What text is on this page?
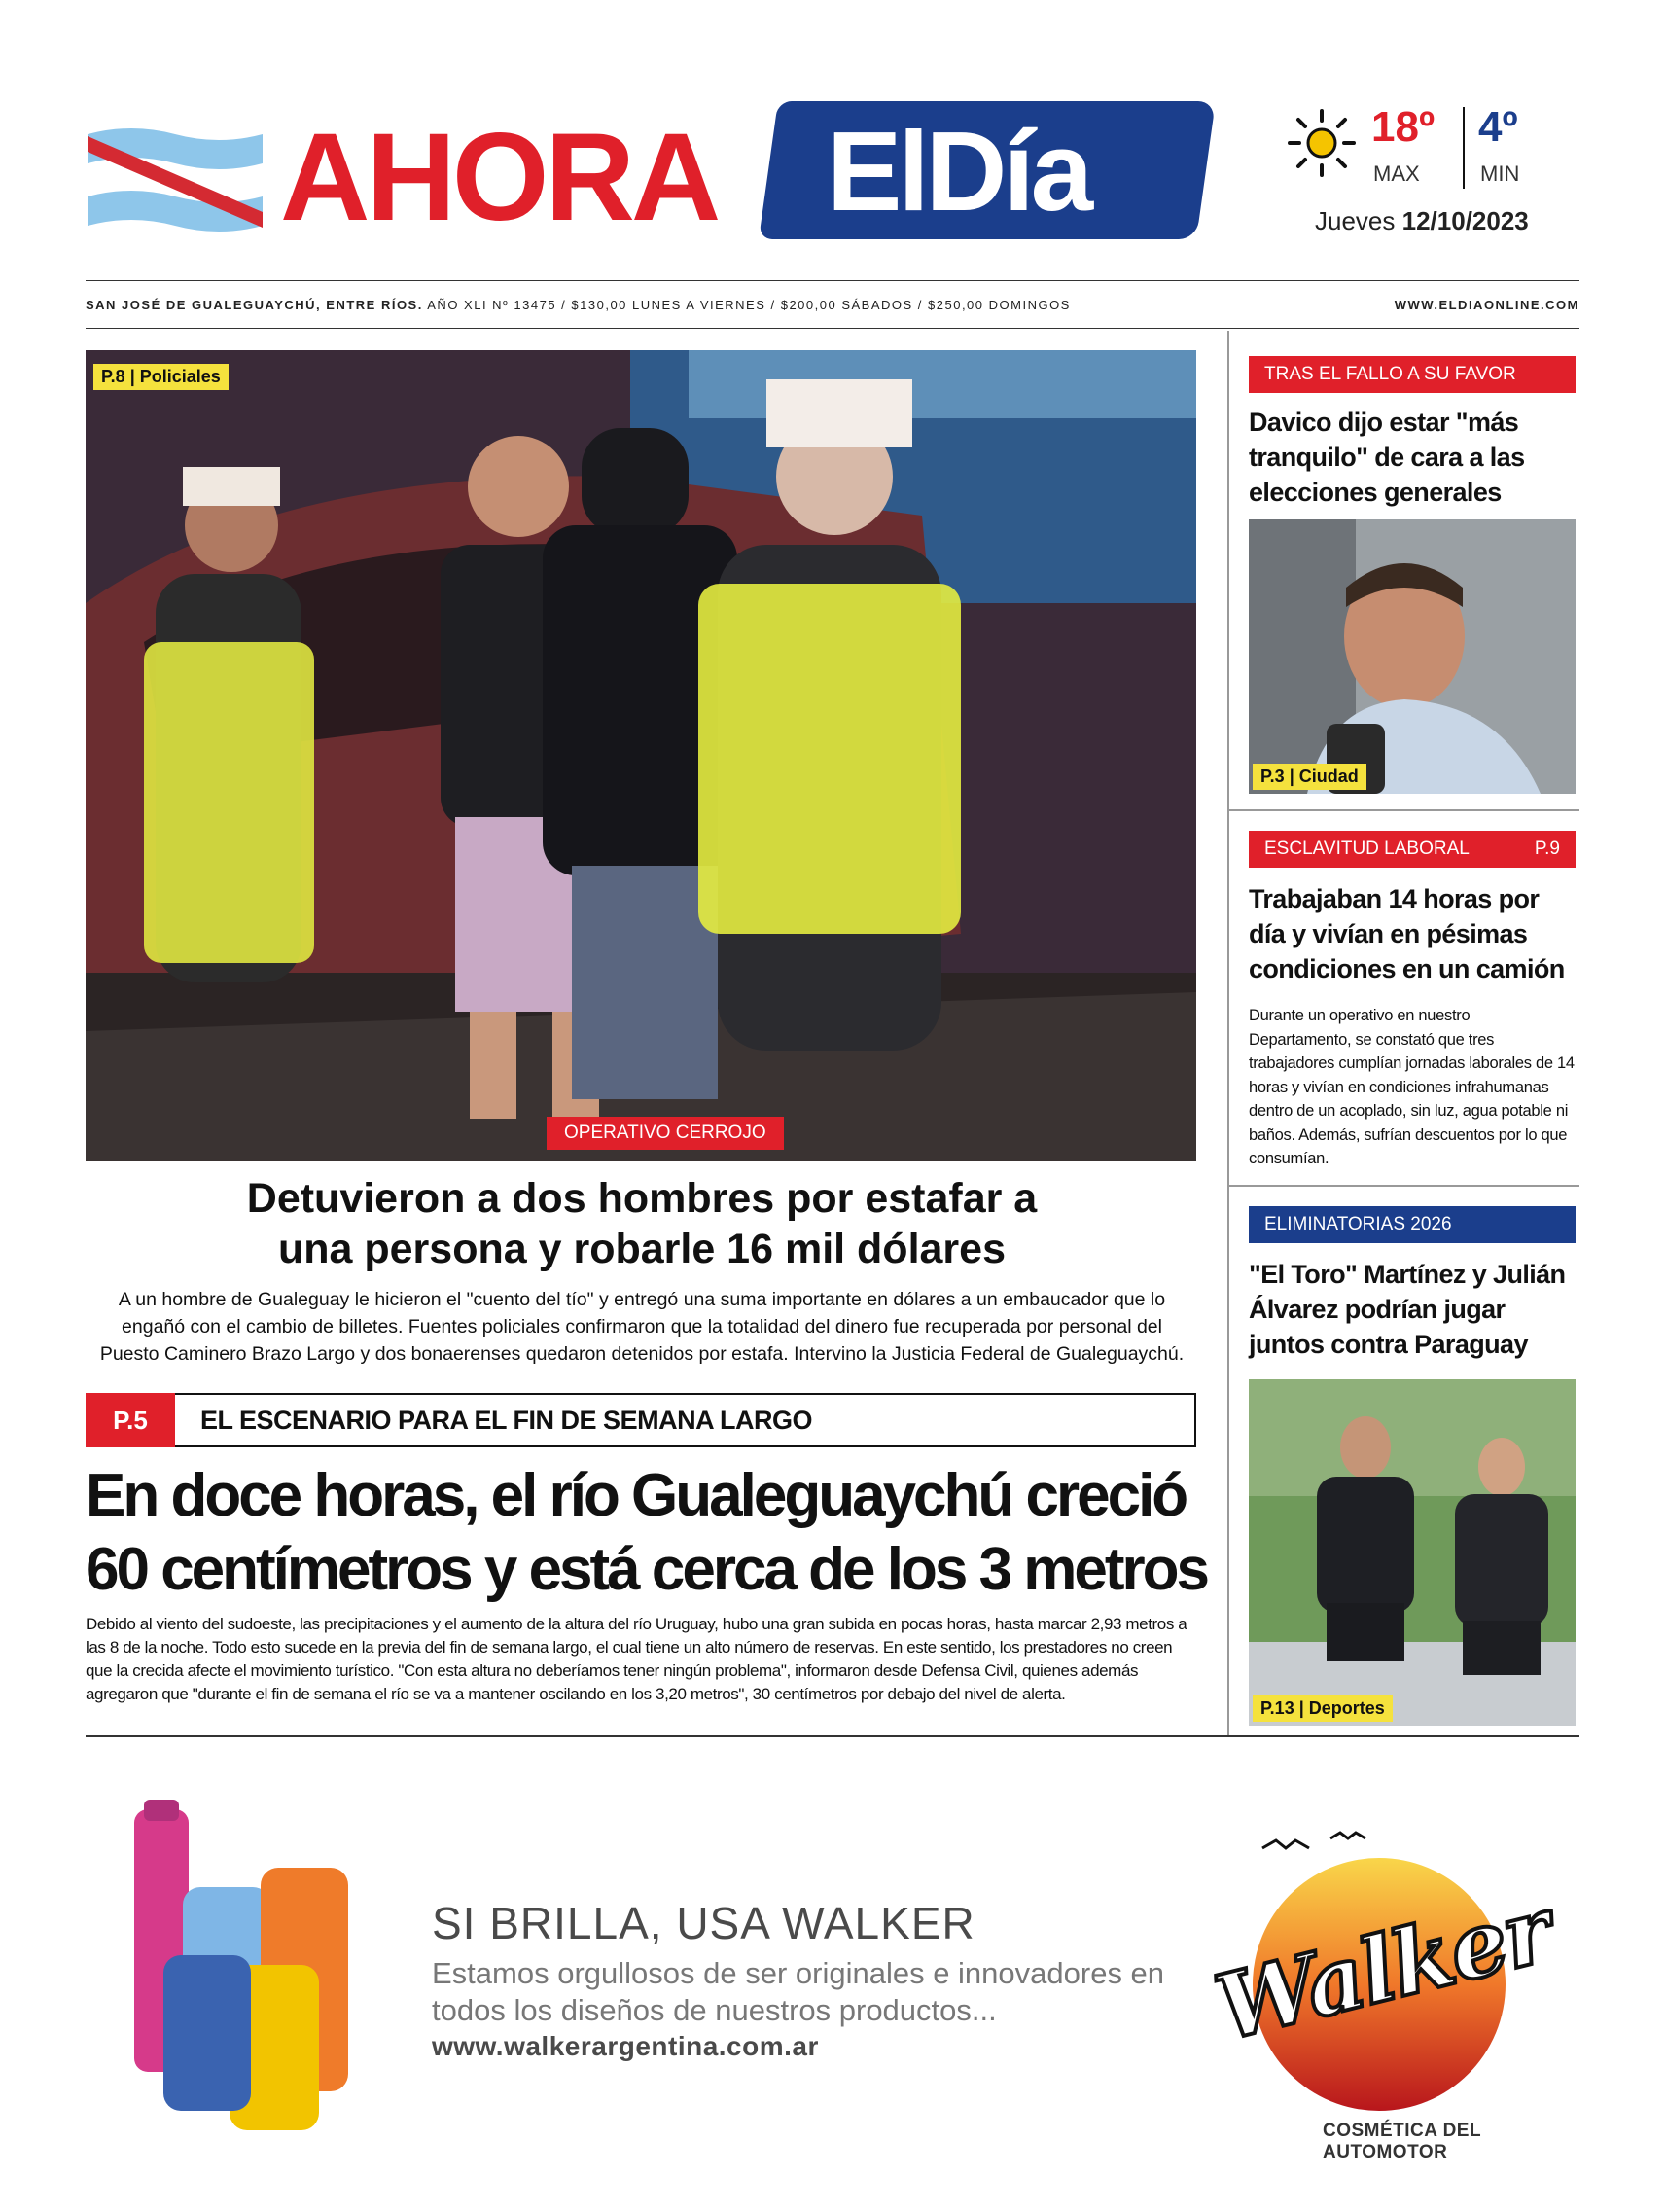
AHORA ElDía	18º 4º
MAX	MIN
Jueves 12/10/2023
SAN JOSÉ DE GUALEGUAYCHÚ, ENTRE RÍOS. AÑO XLI Nº 13475 / $130,00 LUNES A VIERNES / $200,00 SÁBADOS / $250,00 DOMINGOS	WWW.ELDIAONLINE.COM
P.8 | Policiales
OPERATIVO CERROJO
Detuvieron a dos hombres por estafar a
una persona y robarle 16 mil dólares
A un hombre de Gualeguay le hicieron el "cuento del tío" y entregó una suma importante en dólares a un embaucador que lo engañó con el cambio de billetes. Fuentes policiales confirmaron que la totalidad del dinero fue recuperada por personal del Puesto Caminero Brazo Largo y dos bonaerenses quedaron detenidos por estafa. Intervino la Justicia Federal de Gualeguaychú.
P.5	EL ESCENARIO PARA EL FIN DE SEMANA LARGO
En doce horas, el río Gualeguaychú creció
60 centímetros y está cerca de los 3 metros
Debido al viento del sudoeste, las precipitaciones y el aumento de la altura del río Uruguay, hubo una gran subida en pocas horas, hasta marcar 2,93 metros a las 8 de la noche. Todo esto sucede en la previa del fin de semana largo, el cual tiene un alto número de reservas. En este sentido, los prestadores no creen que la crecida afecte el movimiento turístico. "Con esta altura no deberíamos tener ningún problema", informaron desde Defensa Civil, quienes además agregaron que "durante el fin de semana el río se va a mantener oscilando en los 3,20 metros", 30 centímetros por debajo del nivel de alerta.
TRAS EL FALLO A SU FAVOR
Davico dijo estar "más tranquilo" de cara a las elecciones generales
P.3 | Ciudad
ESCLAVITUD LABORAL	P.9
Trabajaban 14 horas por día y vivían en pésimas condiciones en un camión
Durante un operativo en nuestro Departamento, se constató que tres trabajadores cumplían jornadas laborales de 14 horas y vivían en condiciones infrahumanas dentro de un acoplado, sin luz, agua potable ni baños. Además, sufrían descuentos por lo que consumían.
ELIMINATORIAS 2026
"El Toro" Martínez y Julián Álvarez podrían jugar juntos contra Paraguay
P.13 | Deportes
SI BRILLA, USA WALKER
Estamos orgullosos de ser originales e innovadores en todos los diseños de nuestros productos...
www.walkerargentina.com.ar	Walker
COSMÉTICA DEL AUTOMOTOR
